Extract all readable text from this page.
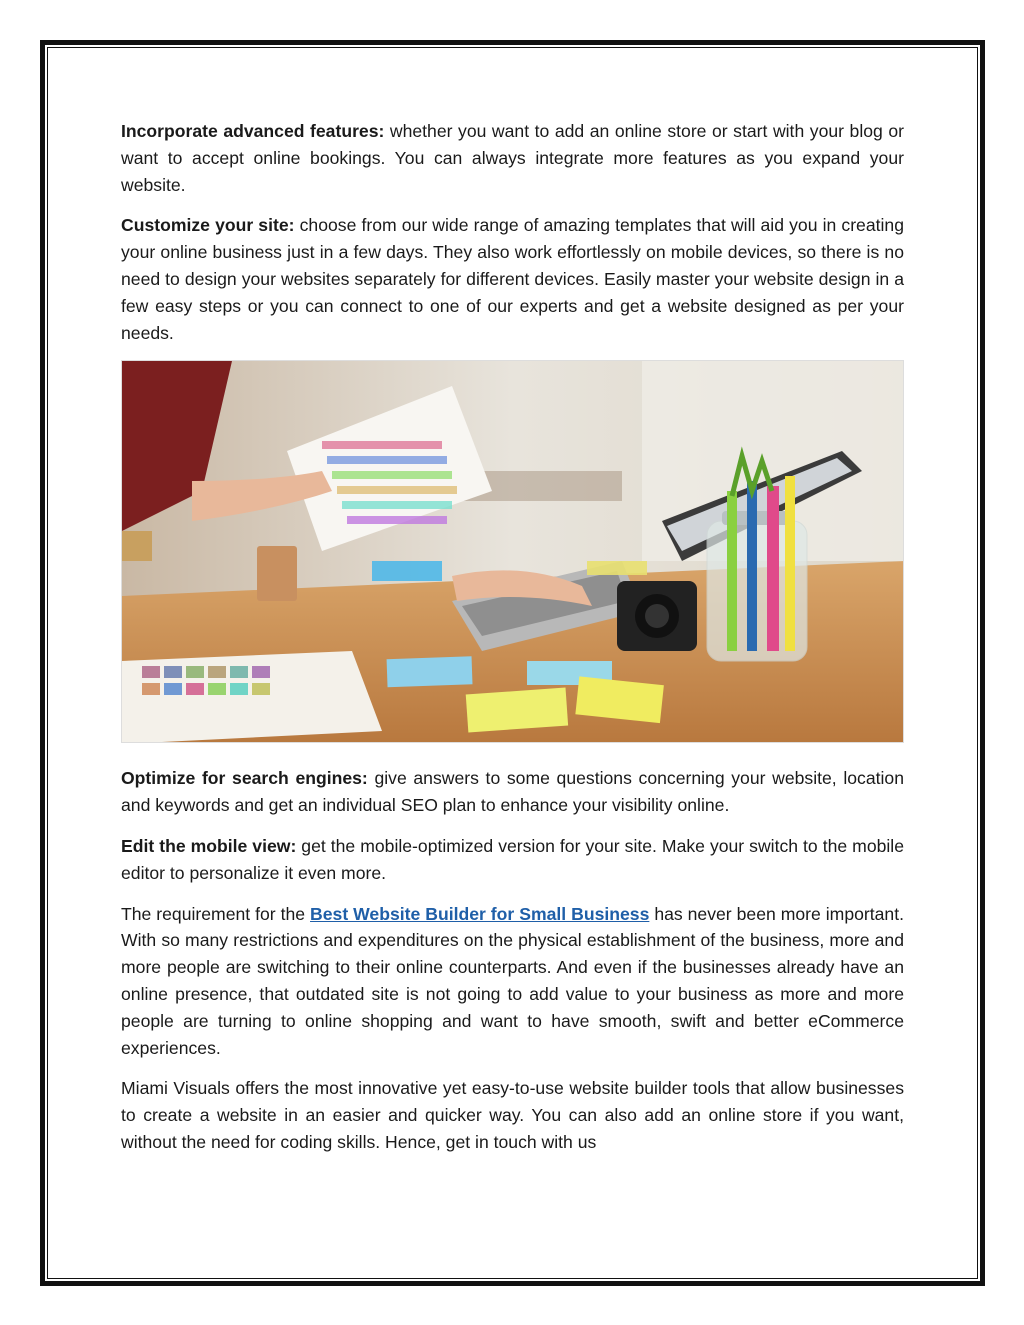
Incorporate advanced features: whether you want to add an online store or start with your blog or want to accept online bookings. You can always integrate more features as you expand your website.

Customize your site: choose from our wide range of amazing templates that will aid you in creating your online business just in a few days. They also work effortlessly on mobile devices, so there is no need to design your websites separately for different devices. Easily master your website design in a few easy steps or you can connect to one of our experts and get a website designed as per your needs.

Optimize for search engines: give answers to some questions concerning your website, location and keywords and get an individual SEO plan to enhance your visibility online.

Edit the mobile view: get the mobile-optimized version for your site. Make your switch to the mobile editor to personalize it even more.

The requirement for the Best Website Builder for Small Business has never been more important. With so many restrictions and expenditures on the physical establishment of the business, more and more people are switching to their online counterparts. And even if the businesses already have an online presence, that outdated site is not going to add value to your business as more and more people are turning to online shopping and want to have smooth, swift and better eCommerce experiences.

Miami Visuals offers the most innovative yet easy-to-use website builder tools that allow businesses to create a website in an easier and quicker way. You can also add an online store if you want, without the need for coding skills. Hence, get in touch with us
